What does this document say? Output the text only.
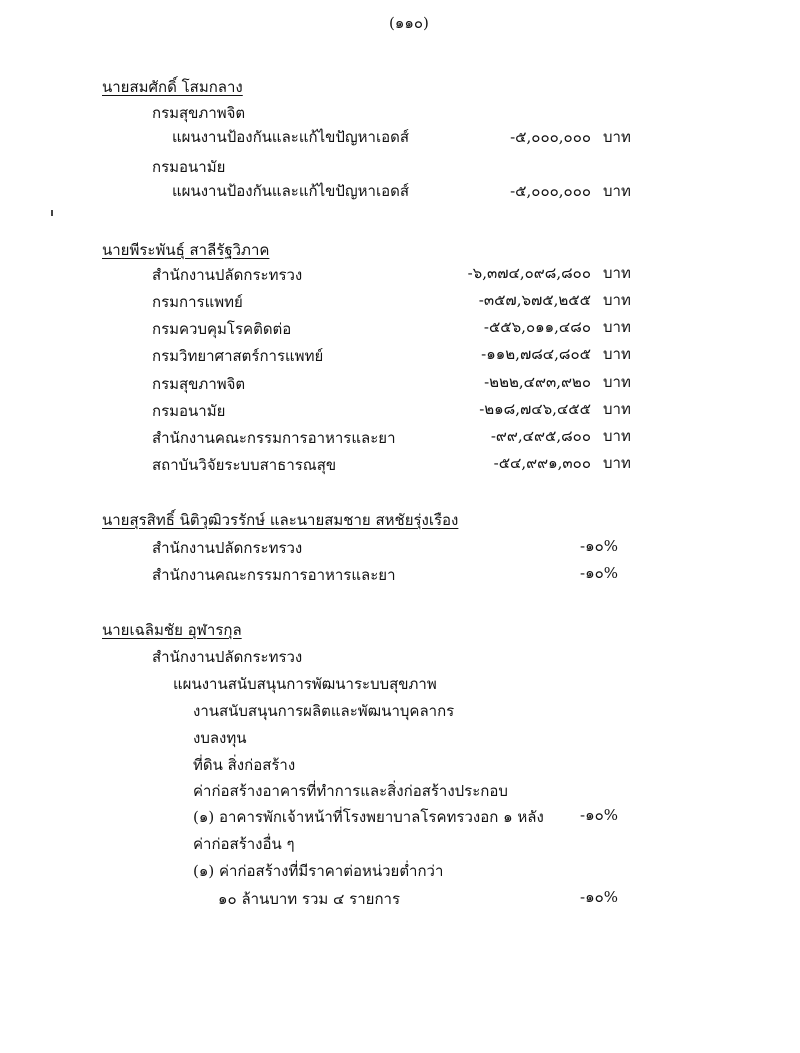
(๑๑๐)
นายสมศักดิ์ โสมกลาง
กรมสุขภาพจิต
แผนงานป้องกันและแก้ไขปัญหาเอดส์	-๕,๐๐๐,๐๐๐ บาท
กรมอนามัย
แผนงานป้องกันและแก้ไขปัญหาเอดส์	-๕,๐๐๐,๐๐๐ บาท
นายพีระพันธุ์ สาลีรัฐวิภาค
สำนักงานปลัดกระทรวง	-๖,๓๗๔,๐๙๘,๘๐๐ บาท
กรมการแพทย์	-๓๕๗,๖๗๕,๒๕๕ บาท
กรมควบคุมโรคติดต่อ	-๕๕๖,๐๑๑,๔๘๐ บาท
กรมวิทยาศาสตร์การแพทย์	-๑๑๒,๗๘๔,๘๐๕ บาท
กรมสุขภาพจิต	-๒๒๒,๔๙๓,๙๒๐ บาท
กรมอนามัย	-๒๑๘,๗๔๖,๔๕๕ บาท
สำนักงานคณะกรรมการอาหารและยา	-๙๙,๔๙๕,๘๐๐ บาท
สถาบันวิจัยระบบสาธารณสุข	-๕๔,๙๙๑,๓๐๐ บาท
นายสุรสิทธิ์ นิติวุฒิวรรักษ์ และนายสมชาย สหชัยรุ่งเรือง
สำนักงานปลัดกระทรวง	-๑๐%
สำนักงานคณะกรรมการอาหารและยา	-๑๐%
นายเฉลิมชัย อุฬารกุล
สำนักงานปลัดกระทรวง
แผนงานสนับสนุนการพัฒนาระบบสุขภาพ
งานสนับสนุนการผลิตและพัฒนาบุคลากร
งบลงทุน
ที่ดิน สิ่งก่อสร้าง
ค่าก่อสร้างอาคารที่ทำการและสิ่งก่อสร้างประกอบ
(๑) อาคารพักเจ้าหน้าที่โรงพยาบาลโรคทรวงอก ๑ หลัง -๑๐%
ค่าก่อสร้างอื่น ๆ
(๑) ค่าก่อสร้างที่มีราคาต่อหน่วยต่ำกว่า
๑๐ ล้านบาท รวม ๔ รายการ	-๑๐%
